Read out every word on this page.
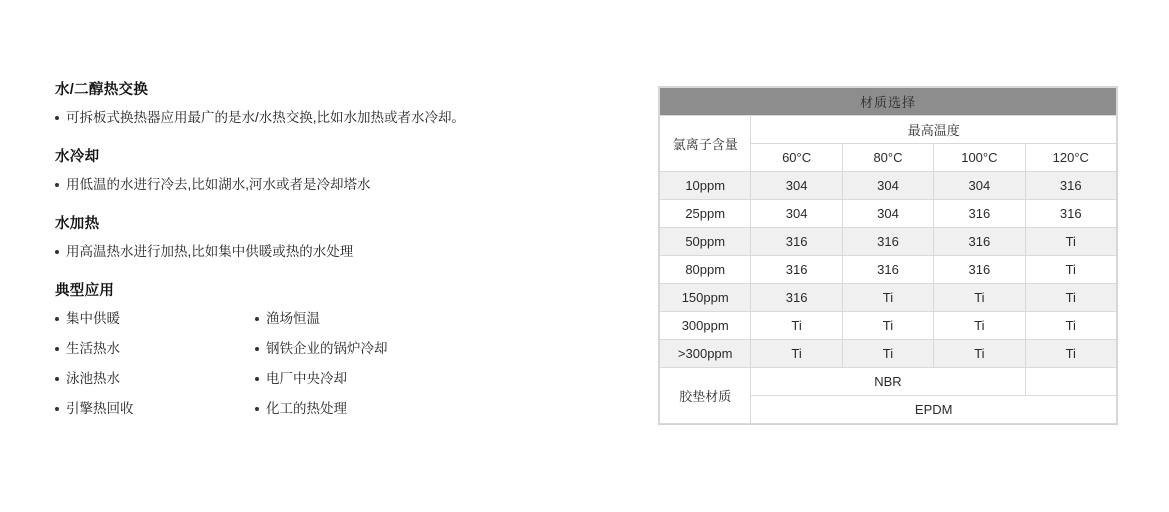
水/二醇热交换
可拆板式换热器应用最广的是水/水热交换,比如水加热或者水冷却。
水冷却
用低温的水进行冷去,比如湖水,河水或者是冷却塔水
水加热
用高温热水进行加热,比如集中供暖或热的水处理
典型应用
集中供暖
生活热水
泳池热水
引擎热回收
渔场恒温
钢铁企业的锅炉冷却
电厂中央冷却
化工的热处理
材质选择				
氯离子含量	最高温度			
	60°C	80°C	100°C	120°C
10ppm	304	304	304	316
25ppm	304	304	316	316
50ppm	316	316	316	Ti
80ppm	316	316	316	Ti
150ppm	316	Ti	Ti	Ti
300ppm	Ti	Ti	Ti	Ti
>300ppm	Ti	Ti	Ti	Ti
胶垫材质	NBR			
	EPDM			
